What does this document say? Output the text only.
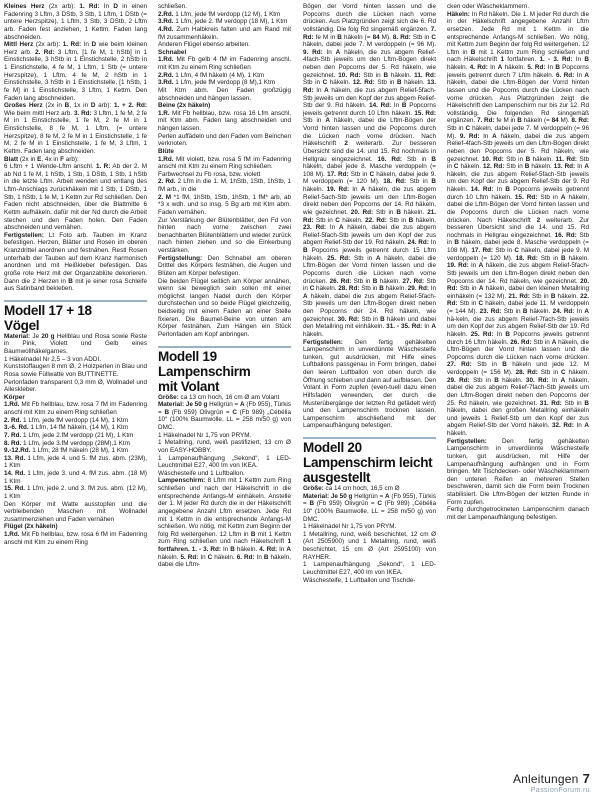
Kleines Herz (2x arb): 1. Rd: In D in einen Fadenring 3 Lftm, 3 DStb, 3 Stb, 1 Lftm, 1 DStb (= untere Herzspitze), 1 Lftm, 3 Stb, 3 DStb, 2 Lftm arb. Faden fest anziehen, 1 Kettm. Faden lang abschneiden.

Mittl Herz (2x arb): 1. Rd: In D wie beim kleinen Herz arb. 2. Rd: 3 Lftm, [1 fe M, 1 hStb] in 1 Einstichstelle, 3 hStb in 1 Einstichstelle, 2 hStb in 1 Einstichstelle, 4 fe M, 1 Lftm, 1 Stb (= untere Herzspitze), 1 Lftm, 4 fe M, 2 hStb in 1 Einstichstelle, 3 hStb in 1 Einstichstelle, [1 hStb, 1 fe M] in 1 Einstichstelle, 3 Lftm, 1 Kettm. Den Faden lang abschneiden.

Großes Herz (2x in B, 1x in D arb): 1. + 2. Rd: Wie beim mittl Herz arb. 3. Rd: 3 Lftm, 1 fe M, 2 fe M in 1 Einstichstelle, 1 fe M, 2 fe M in 1 Einstichstelle, 8 fe M, 1 Lftm, (= untere Herzspitze), 8 fe M, 2 fe M in 1 Einstichstelle, 1 fe M, 2 fe M in 1 Einstichstelle, 1 fe M, 3 Lftm, 1 Kettm. Faden lang abschneiden.

Blatt (2x in E, 4x in F arb):

6 Lftm + 1 Wende-Lftm anschl. 1. R: Ab der 2. M ab Nd 1 fe M, 1 hStb, 1 Stb, 1 DStb, 1 Stb, 1 hStb in die letzte Lftm. Arbeit wenden und entlang des Lftm-Anschlags zurückhäkeln mit 1 Stb, 1 DStb, 1 Stb, 1 hStb, 1 fe M, 1 Kettm zur Rd schließen. Den Faden nicht abschneiden, über die Blattmitte 6 Kettm aufhäkeln, dafür mit der Nd durch die Arbeit stechen und den Faden holen. Den Faden abschneiden und vernähen.

Fertigstellen: Lt Foto arb. Tauben im Kranz befestigen. Herzen, Blätter und Rosen im oberen Kranzdrittel anordnen und festnähen. Restl Rosen unterhalb der Tauben auf dem Kranz harmonisch anordnen und mit Heißkleber befestigen. Das große rote Herz mit der Organzablüte dekorieren. Dann die 2 Herzen in B mit je einer rosa Schleife aus Satinband bekleben.

Modell 17 + 18
Vögel

Material: Je 20 g Hellblau und Rosa sowie Reste in Pink, Violett und Gelb eines Baumwollhäkelgarnes.

1 Häkelnadel Nr 2,5 – 3 von ADDI.

Kunststoffaugen 8 mm Ø, 2 Holzperlen in Blau und Rosa sowie Füllwatte von BUTTINETTE.

Perlonfaden transparent 0,3 mm Ø, Wollnadel und Alleskleber.

Körper

1.Rd. Mit Fb hellblau, bzw. rosa 7 fM im Fadenring anschl mit Ktm zu einem Ring schließen

2. Rd. 1 Lfm, jede fM verdopp (14 M), 1 Ktm

3.-6. Rd. 1 Lfm, 14 fM häkeln, (14 M), 1 Ktm

7. Rd. 1 Lfm, jede 2.fM verdopp (21 M), 1 Ktm

8. Rd. 1 Lfm, jede 3.fM verdopp (28M),1 Ktm

9.-12.Rd. 1 Lfm, 28 fM häkeln (28 M), 1 Ktm

13. Rd. 1 Lfm, jede 4. und 5. fM zus. abm. (23M), 1 Ktm

14. Rd. 1 Lfm, jede 3. und 4. fM zus. abm. (18 M) 1 Ktm

15. Rd. 1 Lfm, jede 2. und 3. fM zus. abm. (12 M), 1 Ktm

Den Körper mit Watte ausstopfen und die verbleibenden Maschen mit Wollnadel zusammenziehen und Faden vernähen

Flügel (2x häkeln)

1.Rd. Mit Fb hellblau, bzw. rosa 6 fM im Fadenring anschl mit Ktm zu einem Ring

schließen.

2.Rd. 1 Lfm, jede fM verdopp (12 M), 1 Ktm

3.Rd. 1 Lfm, jede 2. fM verdopp (18 M), 1 Ktm

4.Rd. Zum Halbkreis falten und am Rand mit fM zusammenhäkeln.

Anderen Flügel ebenso arbeiten.

Schnabel

1.Rd. Mit Fb gelb 4 fM im Fadenring anschl. mit Ktm zu einem Ring schließen

2.Rd. 1 Lfm, 4 fM häkeln (4 M), 1 Ktm

3.Rd. 1 Lfm, jede fM verdopp (8 M),1 Ktm

Mit Ktm abm. Den Faden großzügig abschneiden und hängen lassen.

Beine (2x häkeln)

1.R. Mit Fb hellblau, bzw. rosa 16 Lfm anschl, mit Ktm abm. Faden lang abschneiden und hängen lassen.

Perlen auffädeln und den Faden vom Beinchen verknoten.

Blüte

1.Rd. Mit violett, bzw. rosa 5 fM im Fadenring anschl mit Ktm zu einem Ring schließen.

Farbwechsel zu Fb rosa, bzw. violett

2. Rd. 2 Lfm in die 1. M, 1hStb, 1Stb, 1hStb, 1 fM arb., in die

2. M *1 fM, 1hStb, 1Stb, 1hStb, 1 fM* arb, ab *3 x wdh. und so insg. 5 Bg arb mit Ktm abm. Faden vernähen.

Zur Verstärkung der Blütenblätter, den Fd von hinten nach vorne zwischen zwei benachbarten Blütenblättern und wieder zurück nach hinten ziehen und so die Einkerbung verstärken.

Fertigstellung: Den Schnabel am oberen Drittel des Körpers festnähen, die Augen und Blüten am Körper befestigen.

Die beiden Flügel seitlich am Körper annähen, wenn sie beweglich sein sollen mit einer möglichst langen Nadel durch den Körper durchstechen und so beide Flügel gleichzeitig, beidseitig mit einem Faden an einer Stelle fixieren. Die Baumel-Beine von unten am Körper festnähen. Zum Hängen ein Stück Perlonfaden am Kopf anbringen.

Modell 19
Lampenschirm
mit Volant

Größe: ca 13 cm hoch, 16 cm Ø am Volant

Material: Je 50 g Hellgrün = A (Fb 955), Türkis = B (Fb 959) Olivgrün = C (Fb 989) „Cébélia 10“ (100% Baumwolle, LL = 258 m/50 g) von DMC.

1 Häkelnadel Nr 1,75 von PRYM.

1 Metallring, rund, weiß pastifiziert, 13 cm Ø von EASY-HOBBY.

1 Lampenaufhängung „Sekond“, 1 LED-Leuchtmittel E27, 400 lm von IKEA.

Wäschesteife und 1 Luftballon.

Lampenschirm: 8 Lftm mit 1 Kettm zum Ring schließen und nach der Häkelschrift in die entsprechende Anfangs-M einhäkeln. Anstelle der 1. M jeder Rd durch die in der Häkelschrift angegebene Anzahl Lftm ersetzen. Jede Rd mit 1 Kettm in die entsprechende Anfangs-M schließen. Wo nötig, mit Kettm zum Beginn der folg Rd weitergehen. 12 Lftm in B mit 1 Kettm zum Ring schließen und nach Häkelschrift 1 fortfahren. 1. - 3. Rd: In B häkeln. 4. Rd: In A häkeln. 5. Rd: In C häkeln. 6. Rd: In B häkeln, dabei die Lftm-

Bögen der Vorrd hinten lassen und die Popcorns durch die Lücken nach vorne drücken. Aus Platzgründen zeigt sich die 6. Rd vollständig. Die folg Rd singemäß ergänzen. 7. Rd: fe M in B häkeln (= 84 M). 8. Rd: Stb in C häkeln, dabei jede 7. M verdoppeln (= 96 M). 9. Rd: In A häkeln, die zus abgem Relief-4fach-Stb jeweils um den Lftm-Bogen direkt neben den Popcorns der 5. Rd häkeln, wie gezeichnet. 10. Rd: Stb in B häkeln. 11. Rd: Stb in C häkeln. 12. Rd: Stb in B häkeln. 13. Rd: In A häkeln, die zus abgem Relief-5fach-Stb jeweils um den Kopf der zus abgem Relief-Stb der 9. Rd häkeln. 14. Rd: In B Popcorns jeweils getrennt durch 10 Lftm häkeln. 15. Rd: Stb in A häkeln, dabei die Lftm-Bögen der Vorrd hinten lassen und die Popcorns durch die Lücken nach vorne drücken. Nach Häkelschrift 2 weiterarb. Zur besseren Übersicht sind die 14. und 15. Rd nochmals in Hellgrau eingezeichnet. 16. Rd: Stb in B häkeln, dabei jede 8. Masche verdoppeln (= 108 M). 17. Rd: Stb in C häkeln, dabei jede 9. M verdoppeln (= 120 M). 18. Rd: Stb in B häkeln. 19. Rd: In A häkeln, die zus abgem Relief-5ach-Stb jeweils um den Lftm-Bogen direkt neben den Popcorns der 14. Rd häkeln, wie gezeichnet. 20. Rd: Stb in B häkeln. 21. Rd: Stb in C häkeln. 22. Rd: Stb in B häkeln. 23. Rd: In A häkeln, dabei die zus abgem Relief-5fach-Stb jeweils um den Kopf der zus abgem Relief-Stb der 19. Rd häkeln. 24. Rd: In B Popcorns jeweils getrennt durch 15 Lftm häkeln. 25. Rd: Stb in A häkeln, dabei die Lftm-Bögen der Vorrd hinten lassen und die Popcorns durch die Lücken nach vorne drücken. 26. Rd: Stb in B häkeln. 27. Rd: Stb in C häkeln. 28. Rd: Stb in B häkeln. 29. Rd: In A häkeln, dabei die zus abgem Relief-5fach-Stb jeweils um den Lftm-Bogen direkt neben den Popcorns der 24. Rd häkeln, wie gezeichnet. 30. Rd: Stb in B häkeln und dabei den Metallring mit einhäkeln. 31. - 35. Rd: In A häkeln.

Fertigstellen: Den fertig gehäkelten Lampenschirm in unverdünnte Wäschesteife tunken, gut ausdrücken, mit Hilfe eines Luftballons passgenau in Form bringen, dabei den leeren Luftballon von oben durch die Öffnung schieben und dann auf aufblasen. Den Volant in Form zupfen (even-tuell dazu einen Hilfsfaden verwenden, der durch die Musterübergänge der letzten Rd gefädelt wird) und den Lampenschirm trocknen lassen. Lampenschirm abschließend mit der Lampenaufhängung befestigen.

Modell 20
Lampenschirm leicht
ausgestellt

Größe: ca 14 cm hoch, 16,5 cm Ø

Material: Je 50 g Hellgrün = A (Fb 955), Türkis = B (Fb 959) Olivgrün = C (Fb 989) „Cébélia 10“ (100% Baumwolle, LL = 258 m/50 g) von DMC.

1 Häkelnadel Nr 1,75 von PRYM.

1 Metallring, rund, weiß beschichtet, 12 cm Ø (Art 2505900) und 1 Metallring, rund, weiß beschichtet, 15 cm Ø (Art 2595100) von RAYHER.

1 Lampenaufhängung „Sekond“, 1 LED-Leuchtmittel E27, 400 lm von IKEA.

Wäschesteife, 1 Luftballon und Tischde-

cken oder Wäscheklammern.

Häkeln: In Rd häkeln. Die 1. M jeder Rd durch die in der Häkelschrift angegebene Anzahl Lftm ersetzen. Jede Rd mit 1 Kettm in die entsprechende Anfangs-M schließen. Wo nötig, mit Kettm zum Beginn der folg Rd weitergehen. 12 Lftm in B mit 1 Kettm zum Ring schließen und nach Häkelschrift 1 fortfahren. 1. - 3. Rd: In B häkeln. 4. Rd: In A häkeln. 5. Rd: In B Popcorns jeweils getrennt durch 7 Lftm häkeln. 6. Rd: In A häkeln, dabei die Lftm-Bögen der Vorrd hinten lassen und die Popcorns durch die Lücken nach vorne drücken. Aus Platzgründen zeigt die Häkelschrift den Lampenschirm nur bis zur 12. Rd vollständig. Die folgenden Rd sinngemäß ergänzen. 7. Rd: fe M in B häkeln (= 84 M). 8. Rd: Stb in C häkeln, dabei jede 7. M verdoppeln (= 96 M). 9. Rd: In A häkeln, dabei die zus abgem Relief-4fach-Stb jeweils um den Lftm-Bogen direkt neben den Popcorns der 5. Rd häkeln, wie gezeichnet. 10. Rd: Stb in B häkeln. 11. Rd: Stb in C häkeln. 12. Rd: Stb in B häkeln. 13. Rd: In A häkeln, die zus abgem Relief-5fach-Stb jeweils um den Kopf der zus abgem Relief-Stb der 9. Rd häkeln. 14. Rd: In B Popcorns jeweils getrennt durch 10 Lftm häkeln. 15. Rd: Stb in A häkeln, dabei die Lftm-Bögen der Vorrd hinten lassen und die Popcorns durch die Lücken nach vorne drücken. Nach Häkelschrift 2 weiterarb. Zur besseren Übersicht sind die 14. und 15. Rd nochmals in Hellgrau eingezeichnet. 16. Rd: Stb in B häkeln, dabei jede 8. Masche verdoppeln (= 108 M). 17. Rd: Stb in C häkeln, dabei jede 9. M verdoppeln (= 120 M). 18. Rd: Stb in B häkeln. 19. Rd: In A häkeln, die zus abgem Relief-5fach-Stb jeweils um den Lftm-Bogen direkt neben den Popcorns der 14. Rd häkeln, wie gezeichnet. 20. Rd: Stb in A häkeln, dabei den kleinen Metallring einhäkeln (= 132 M). 21. Rd: Stb in B häkeln. 22. Rd: Stb in C häkeln, dabei jede 11. M verdoppeln (= 144 M). 23. Rd: Stb in B häkeln. 24. Rd: In A hä-keln, die zus abgem Relief-7fach-Stb jeweils um den Kopf der zus abgem Relief-Stb der 19. Rd häkeln. 25. Rd: In B Popcorns jeweils getrennt durch 16 Lftm häkeln. 26. Rd: Stb in A häkeln, die Lftm-Bögen der Vorrd hinten lassen und die Popcorns durch die Lücken nach vorne drücken. 27. Rd: Stb in B häkeln und jede 12. M verdoppeln (= 156 M). 28. Rd: Stb in C häkeln. 29. Rd: Stb in B häkeln. 30. Rd: In A häkeln, dabei die zus abgem Relief-7fach-Stb jeweils um den Lftm-Bogen direkt neben den Popcorns der 25. Rd häkeln, wie gezeichnet. 31. Rd: Stb in B häkeln, dabei den großen Metallring einhäkeln und jeweils 1 Relief-Stb um den Kopf der zus abgem Relief-Stb der Vorrd häkeln. 32. Rd: In A häkeln.

Fertigstellen: Den fertig gehäkelten Lampenschirm in unverdünnte Wäschesteife tunken, gut ausdrücken, mit Hilfe der Lampenaufhängung aufhängen und in Form bringen. Mit Tischdecken- oder Wäscheklammern den unteren Reifen an mehreren Stellen beschweren, damit sich die Form beim Trocknen stabilisiert. Die Lftm-Bögen der letzten Runde in Form zupfen.

Fertig durchgetrockneten Lampenschirm danach mit der Lampenaufhängung befestigen.

Anleitungen 7
PassionForum.ru
